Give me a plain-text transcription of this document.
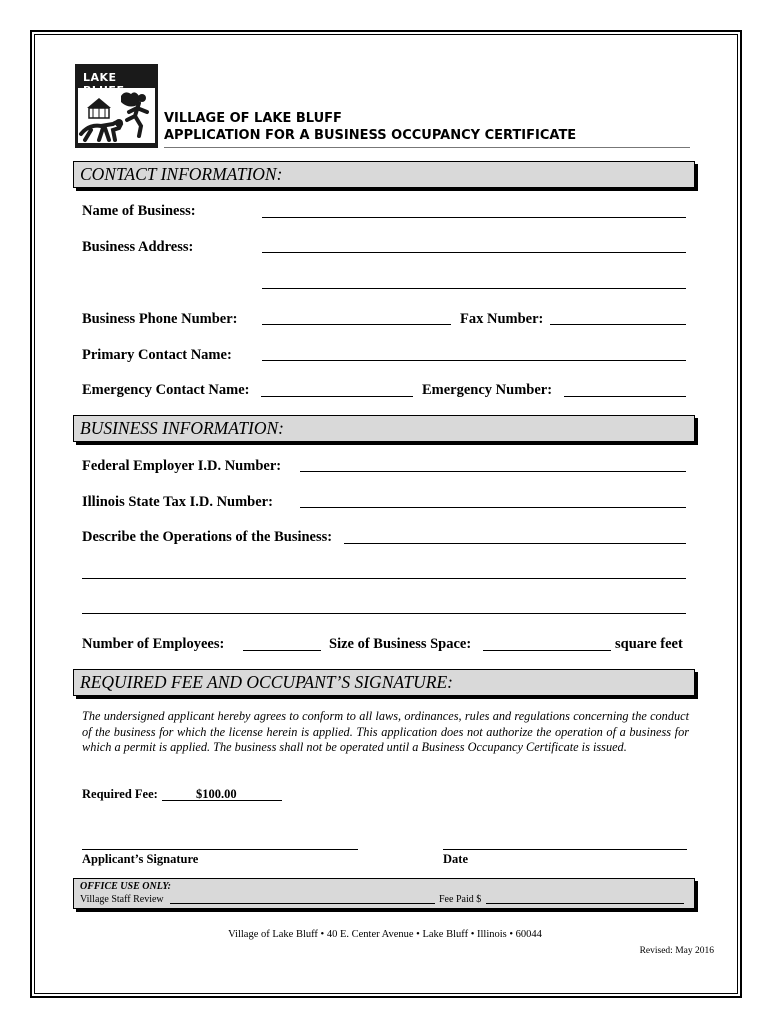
LAKE BLUFF
VILLAGE OF LAKE BLUFF
APPLICATION FOR A BUSINESS OCCUPANCY CERTIFICATE
CONTACT INFORMATION:
Name of Business:
Business Address:
Business Phone Number:	Fax Number:
Primary Contact Name:
Emergency Contact Name:	Emergency Number:
BUSINESS INFORMATION:
Federal Employer I.D. Number:
Illinois State Tax I.D. Number:
Describe the Operations of the Business:
Number of Employees:	Size of Business Space:	square feet
REQUIRED FEE AND OCCUPANT’S SIGNATURE:
The undersigned applicant hereby agrees to conform to all laws, ordinances, rules and regulations concerning the conduct of the business for which the license herein is applied. This application does not authorize the operation of a business for which a permit is applied. The business shall not be operated until a Business Occupancy Certificate is issued.
Required Fee:	$100.00
Applicant’s Signature	Date
OFFICE USE ONLY:
Village Staff Review	Fee Paid $
Village of Lake Bluff • 40 E. Center Avenue • Lake Bluff • Illinois • 60044
Revised: May 2016
